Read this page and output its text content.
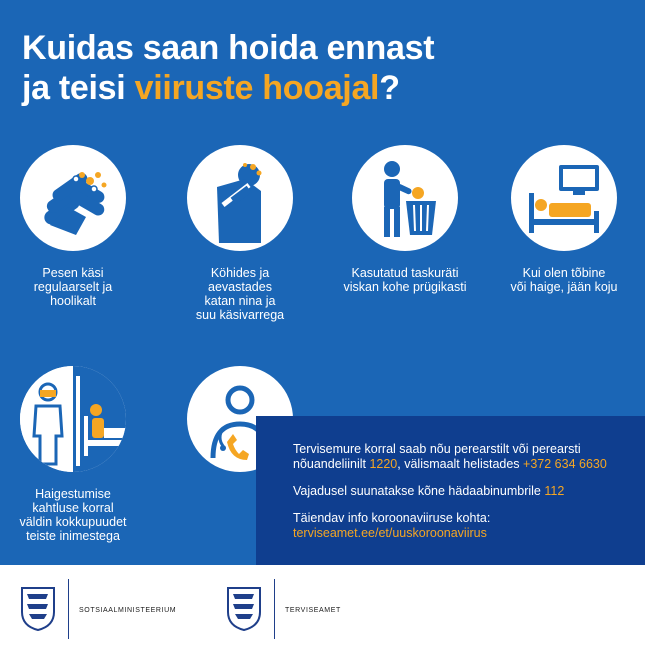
Kuidas saan hoida ennast
ja teisi viiruste hooajal?
Pesen käsi
regulaarselt ja
hoolikalt
Köhides ja
aevastades
katan nina ja
suu käsivarrega
Kasutatud taskuräti
viskan kohe prügikasti
Kui olen tõbine
või haige, jään koju
Haigestumise
kahtluse korral
väldin kokkupuudet
teiste inimestega

Tervisemure korral saab nõu perearstilt või perearsti nõuandeliinilt 1220, välismaalt helistades +372 634 6630

Vajadusel suunatakse kõne hädaabinumbrile 112

Täiendav info koroonaviiruse kohta:
terviseamet.ee/et/uuskoroonaviirus

sotsiaalministeerium	terviseamet
